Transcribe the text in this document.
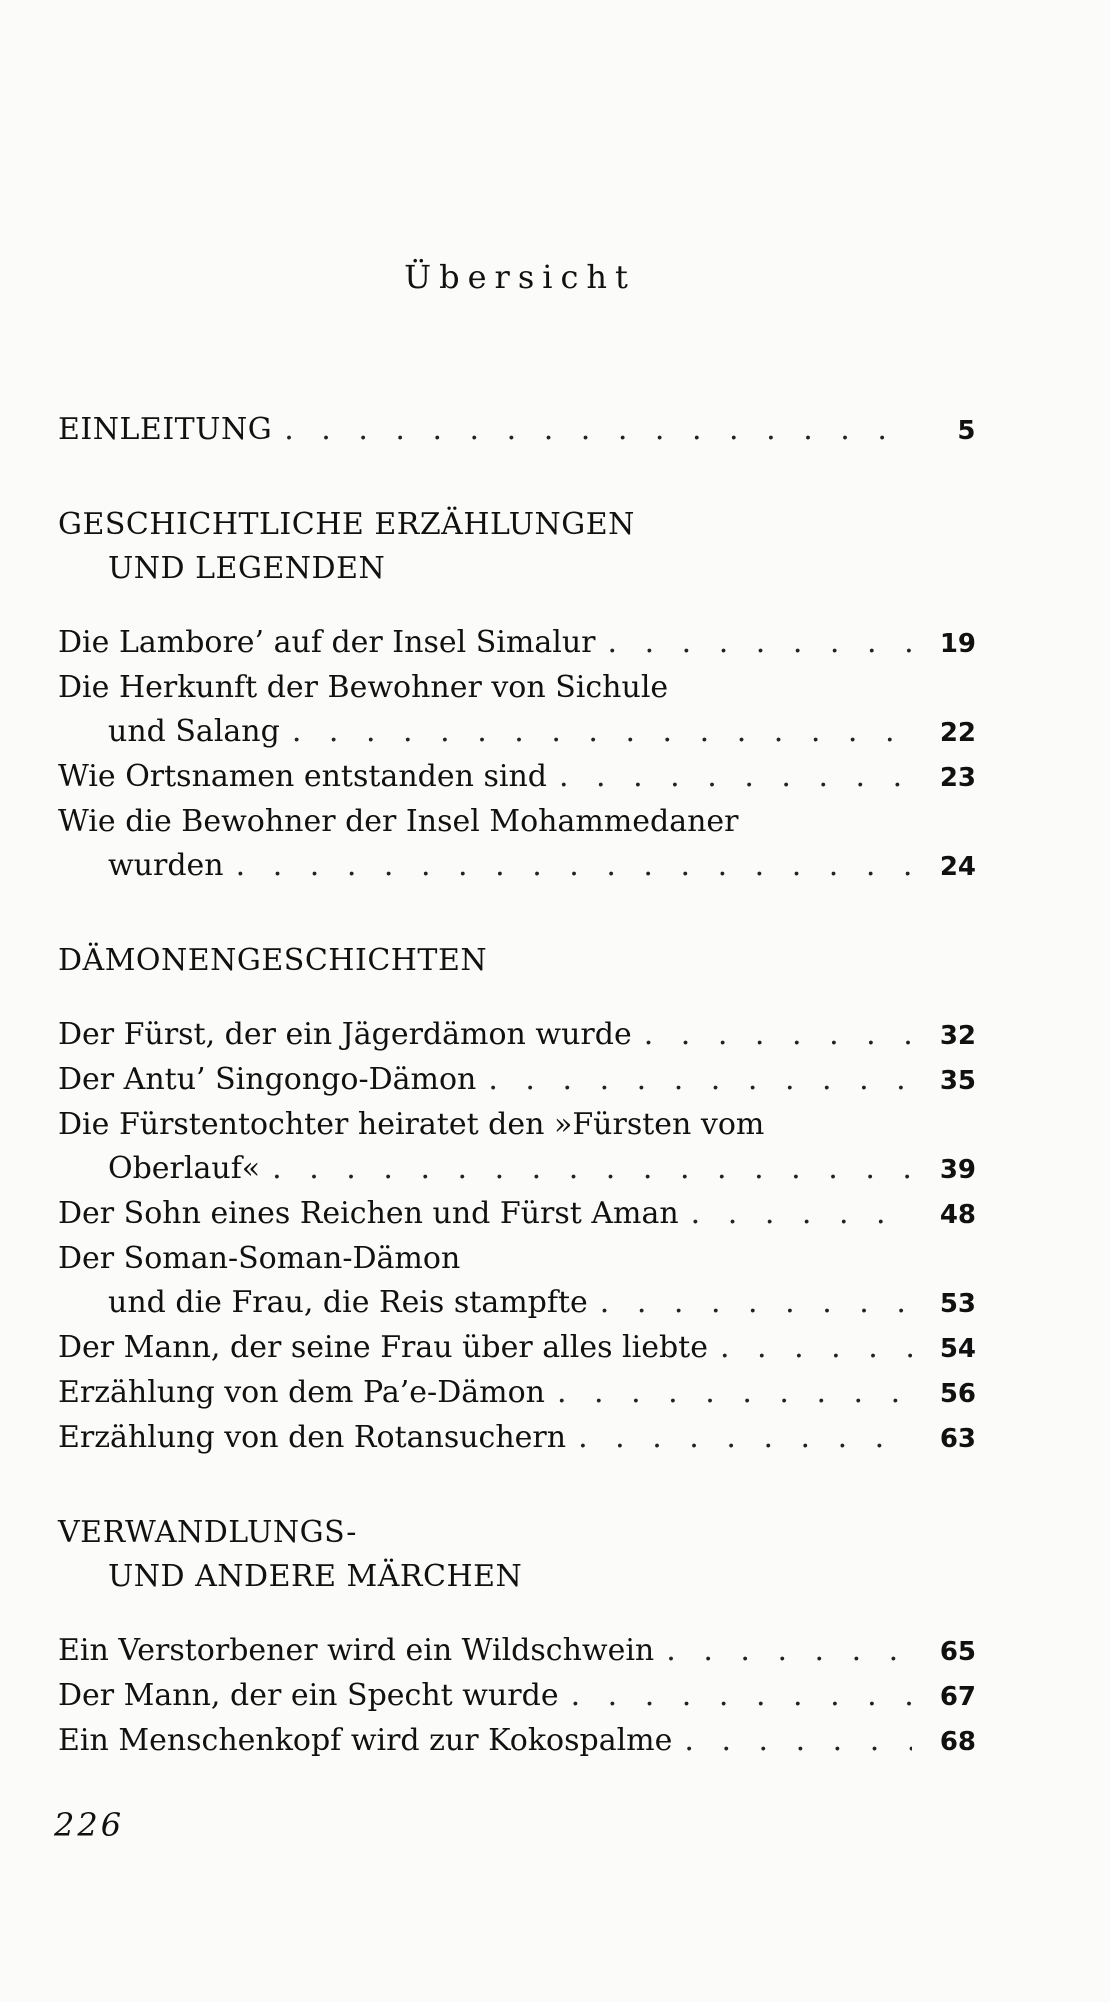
Übersicht
EINLEITUNG . . .	5
GESCHICHTLICHE ERZÄHLUNGEN
UND LEGENDEN
Die Lambore’ auf der Insel Simalur . . .	19
Die Herkunft der Bewohner von Sichule
und Salang . . .	22
Wie Ortsnamen entstanden sind . . .	23
Wie die Bewohner der Insel Mohammedaner
wurden . . .	24
DÄMONENGESCHICHTEN
Der Fürst, der ein Jägerdämon wurde . . .	32
Der Antu’ Singongo-Dämon . . .	35
Die Fürstentochter heiratet den »Fürsten vom
Oberlauf« . . .	39
Der Sohn eines Reichen und Fürst Aman . . .	48
Der Soman-Soman-Dämon
und die Frau, die Reis stampfte . . .	53
Der Mann, der seine Frau über alles liebte . . .	54
Erzählung von dem Pa’e-Dämon . . .	56
Erzählung von den Rotansuchern . . .	63
VERWANDLUNGS-
UND ANDERE MÄRCHEN
Ein Verstorbener wird ein Wildschwein . . .	65
Der Mann, der ein Specht wurde . . .	67
Ein Menschenkopf wird zur Kokospalme . . .	68
226
